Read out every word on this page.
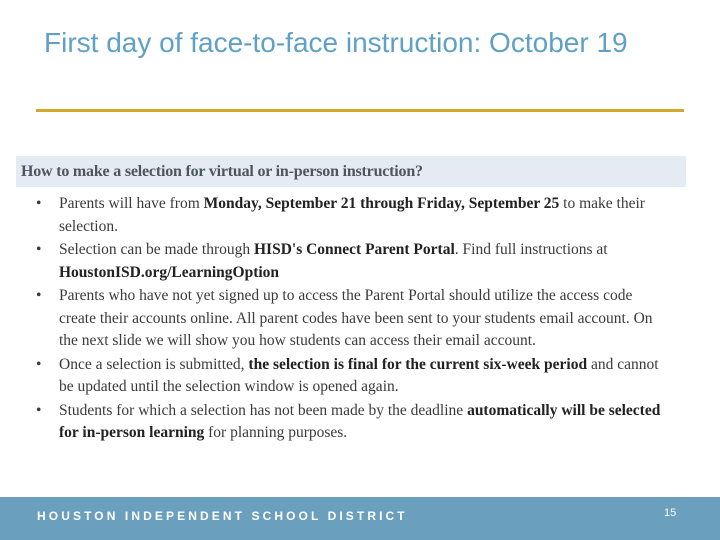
First day of face-to-face instruction: October 19
How to make a selection for virtual or in-person instruction?
• Parents will have from Monday, September 21 through Friday, September 25 to make their selection.
• Selection can be made through HISD's Connect Parent Portal. Find full instructions at HoustonISD.org/LearningOption
• Parents who have not yet signed up to access the Parent Portal should utilize the access code create their accounts online. All parent codes have been sent to your students email account. On the next slide we will show you how students can access their email account.
• Once a selection is submitted, the selection is final for the current six-week period and cannot be updated until the selection window is opened again.
• Students for which a selection has not been made by the deadline automatically will be selected for in-person learning for planning purposes.
HOUSTON INDEPENDENT SCHOOL DISTRICT	15
